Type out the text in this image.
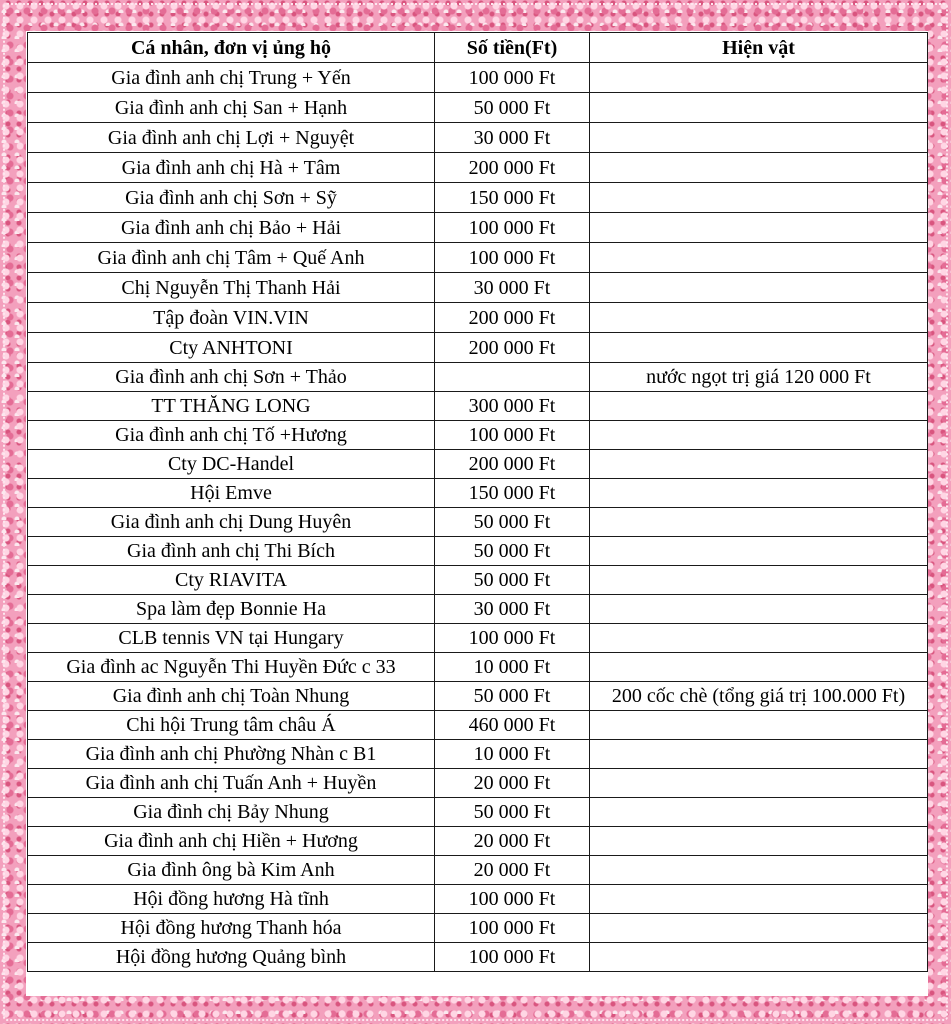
Cá nhân, đơn vị ủng hộ	Số tiền(Ft)	Hiện vật
Gia đình anh chị Trung + Yến	100 000 Ft	
Gia đình anh chị San + Hạnh	50 000 Ft	
Gia đình anh chị Lợi + Nguyệt	30 000 Ft	
Gia đình anh chị Hà + Tâm	200 000 Ft	
Gia đình anh chị Sơn + Sỹ	150 000 Ft	
Gia đình anh chị Bảo + Hải	100 000 Ft	
Gia đình anh chị Tâm + Quế Anh	100 000 Ft	
Chị Nguyễn Thị Thanh Hải	30 000 Ft	
Tập đoàn VIN.VIN	200 000 Ft	
Cty ANHTONI	200 000 Ft	
Gia đình anh chị Sơn + Thảo		nước ngọt trị giá 120 000 Ft
TT THĂNG LONG	300 000 Ft	
Gia đình anh chị Tố +Hương	100 000 Ft	
Cty DC-Handel	200 000 Ft	
Hội Emve	150 000 Ft	
Gia đình anh chị Dung Huyên	50 000 Ft	
Gia đình anh chị Thi Bích	50 000 Ft	
Cty RIAVITA	50 000 Ft	
Spa làm đẹp Bonnie Ha	30 000 Ft	
CLB tennis VN tại Hungary	100 000 Ft	
Gia đình ac Nguyễn Thi Huyền Đức c 33	10 000 Ft	
Gia đình anh chị Toàn Nhung	50 000 Ft	200 cốc chè (tổng giá trị 100.000 Ft)
Chi hội Trung tâm châu Á	460 000 Ft	
Gia đình anh chị Phường Nhàn c B1	10 000 Ft	
Gia đình anh chị Tuấn Anh + Huyền	20 000 Ft	
Gia đình chị Bảy Nhung	50 000 Ft	
Gia đình anh chị Hiền + Hương	20 000 Ft	
Gia đình ông bà Kim Anh	20 000 Ft	
Hội đồng hương Hà tĩnh	100 000 Ft	
Hội đồng hương Thanh hóa	100 000 Ft	
Hội đồng hương Quảng bình	100 000 Ft	
